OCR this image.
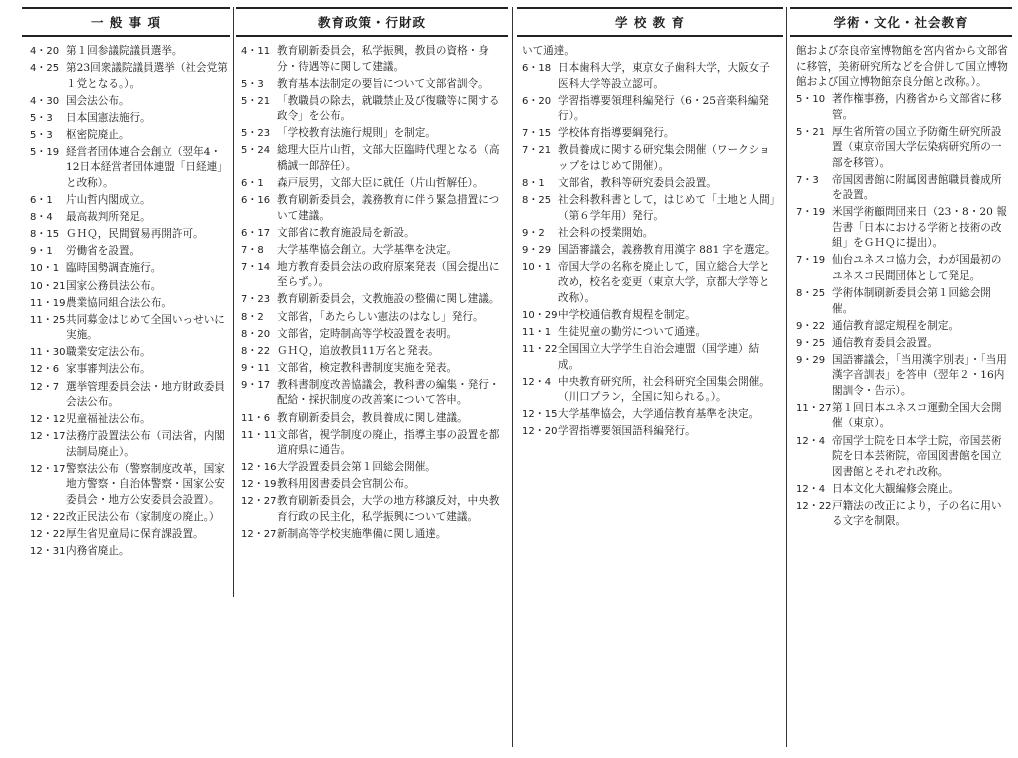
一 般 事 項	教育政策・行財政	学 校 教 育	学術・文化・社会教育
4・20 第１回参議院議員選挙。
4・25 第23回衆議院議員選挙（社会党第１党となる。）。
4・30 国会法公布。
5・3 日本国憲法施行。
5・3 枢密院廃止。
5・19 経営者団体連合会創立（翌年4・12日本経営者団体連盟「日経連」と改称）。
6・1 片山哲内閣成立。
8・4 最高裁判所発足。
8・15 ＧＨＱ，民間貿易再開許可。
9・1 労働省を設置。
10・1 臨時国勢調査施行。
10・21国家公務員法公布。
11・19農業協同組合法公布。
11・25共同募金はじめて全国いっせいに実施。
11・30職業安定法公布。
12・6 家事審判法公布。
12・7 選挙管理委員会法・地方財政委員会法公布。
12・12児童福祉法公布。
12・17法務庁設置法公布（司法省，内閣法制局廃止）。
12・17警察法公布（警察制度改革，国家地方警察・自治体警察・国家公安委員会・地方公安委員会設置）。
12・22改正民法公布（家制度の廃止。）
12・22厚生省児童局に保育課設置。
12・31内務省廃止。
4・11 教育刷新委員会，私学振興，教員の資格・身分・待遇等に関して建議。
5・3 教育基本法制定の要旨について文部省訓令。
5・21 「教職員の除去，就職禁止及び復職等に関する政令」を公布。
5・23 「学校教育法施行規則」を制定。
5・24 総理大臣片山哲，文部大臣臨時代理となる（高橋誠一郎辞任）。
6・1 森戸辰男，文部大臣に就任（片山哲解任）。
6・16 教育刷新委員会，義務教育に伴う緊急措置について建議。
6・17 文部省に教育施設局を新設。
7・8 大学基準協会創立。大学基準を決定。
7・14 地方教育委員会法の政府原案発表（国会提出に至らず。）。
7・23 教育刷新委員会，文教施設の整備に関し建議。
8・2 文部省，「あたらしい憲法のはなし」発行。
8・20 文部省，定時制高等学校設置を表明。
8・22 ＧＨＱ，追放教員11万名と発表。
9・11 文部省，検定教科書制度実施を発表。
9・17 教科書制度改善協議会，教科書の編集・発行・配給・採択制度の改善案について答申。
11・6 教育刷新委員会，教員養成に関し建議。
11・11文部省，視学制度の廃止，指導主事の設置を都道府県に通告。
12・16大学設置委員会第１回総会開催。
12・19教科用図書委員会官制公布。
12・27教育刷新委員会，大学の地方移譲反対，中央教育行政の民主化，私学振興について建議。
12・27新制高等学校実施準備に関し通達。
いて通達。
6・18 日本歯科大学，東京女子歯科大学，大阪女子医科大学等設立認可。
6・20 学習指導要領理科編発行（6・25音楽科編発行）。
7・15 学校体育指導要綱発行。
7・21 教員養成に関する研究集会開催（ワークショップをはじめて開催）。
8・1 文部省，教科等研究委員会設置。
8・25 社会科教科書として，はじめて「土地と人間」（第６学年用）発行。
9・2 社会科の授業開始。
9・29 国語審議会，義務教育用漢字 881 字を選定。
10・1 帝国大学の名称を廃止して，国立総合大学と改め，校名を変更（東京大学，京都大学等と改称）。
10・29中学校通信教育規程を制定。
11・1 生徒児童の勤労について通達。
11・22全国国立大学学生自治会連盟（国学連）結成。
12・4 中央教育研究所，社会科研究全国集会開催。（川口プラン，全国に知られる。）。
12・15大学基準協会，大学通信教育基準を決定。
12・20学習指導要領国語科編発行。
館および奈良帝室博物館を宮内省から文部省に移管，美術研究所などを合併して国立博物館および国立博物館奈良分館と改称。）。
5・10 著作権事務，内務省から文部省に移管。
5・21 厚生省所管の国立予防衛生研究所設置（東京帝国大学伝染病研究所の一部を移管）。
7・3 帝国図書館に附属図書館職員養成所を設置。
7・19 米国学術顧問団来日（23・8・20 報告書「日本における学術と技術の改組」をＧＨＱに提出）。
7・19 仙台ユネスコ協力会，わが国最初のユネスコ民間団体として発足。
8・25 学術体制刷新委員会第１回総会開催。
9・22 通信教育認定規程を制定。
9・25 通信教育委員会設置。
9・29 国語審議会，「当用漢字別表」・「当用漢字音訓表」を答申（翌年２・16内閣訓令・告示）。
11・27第１回日本ユネスコ運動全国大会開催（東京）。
12・4 帝国学士院を日本学士院，帝国芸術院を日本芸術院，帝国図書館を国立図書館とそれぞれ改称。
12・4 日本文化大観編修会廃止。
12・22戸籍法の改正により，子の名に用いる文字を制限。
